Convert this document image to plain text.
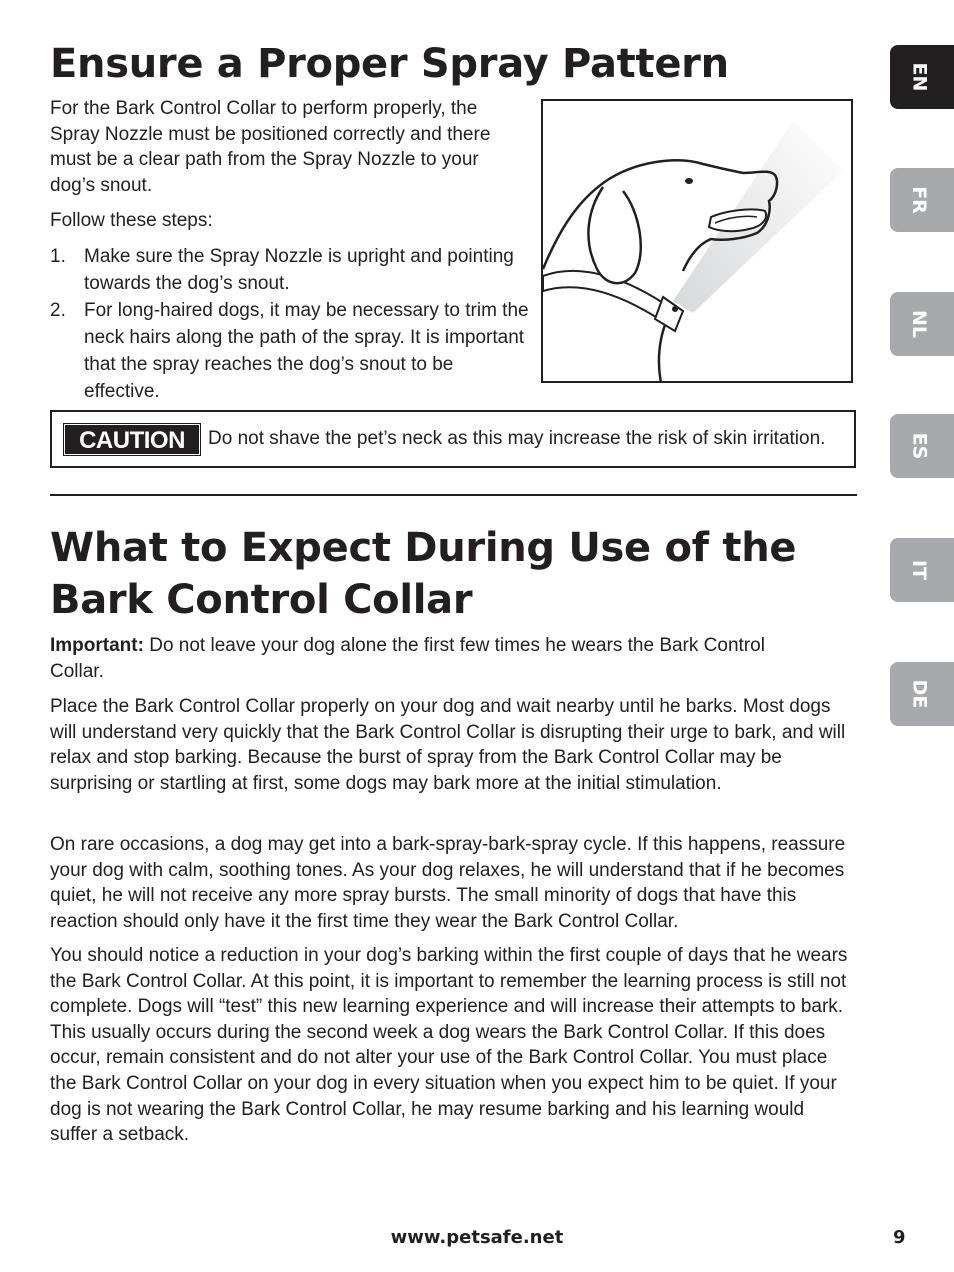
Ensure a Proper Spray Pattern

For the Bark Control Collar to perform properly, the Spray Nozzle must be positioned correctly and there must be a clear path from the Spray Nozzle to your dog’s snout.

Follow these steps:

1. Make sure the Spray Nozzle is upright and pointing towards the dog’s snout.
2. For long-haired dogs, it may be necessary to trim the neck hairs along the path of the spray. It is important that the spray reaches the dog’s snout to be effective.
CAUTION	Do not shave the pet’s neck as this may increase the risk of skin irritation.
What to Expect During Use of the Bark Control Collar

Important: Do not leave your dog alone the first few times he wears the Bark Control Collar.

Place the Bark Control Collar properly on your dog and wait nearby until he barks. Most dogs will understand very quickly that the Bark Control Collar is disrupting their urge to bark, and will relax and stop barking. Because the burst of spray from the Bark Control Collar may be surprising or startling at first, some dogs may bark more at the initial stimulation.

On rare occasions, a dog may get into a bark-spray-bark-spray cycle. If this happens, reassure your dog with calm, soothing tones. As your dog relaxes, he will understand that if he becomes quiet, he will not receive any more spray bursts. The small minority of dogs that have this reaction should only have it the first time they wear the Bark Control Collar.

You should notice a reduction in your dog’s barking within the first couple of days that he wears the Bark Control Collar. At this point, it is important to remember the learning process is still not complete. Dogs will “test” this new learning experience and will increase their attempts to bark. This usually occurs during the second week a dog wears the Bark Control Collar. If this does occur, remain consistent and do not alter your use of the Bark Control Collar. You must place the Bark Control Collar on your dog in every situation when you expect him to be quiet. If your dog is not wearing the Bark Control Collar, he may resume barking and his learning would suffer a setback.

www.petsafe.net	9
EN
FR
NL
ES
IT
DE
